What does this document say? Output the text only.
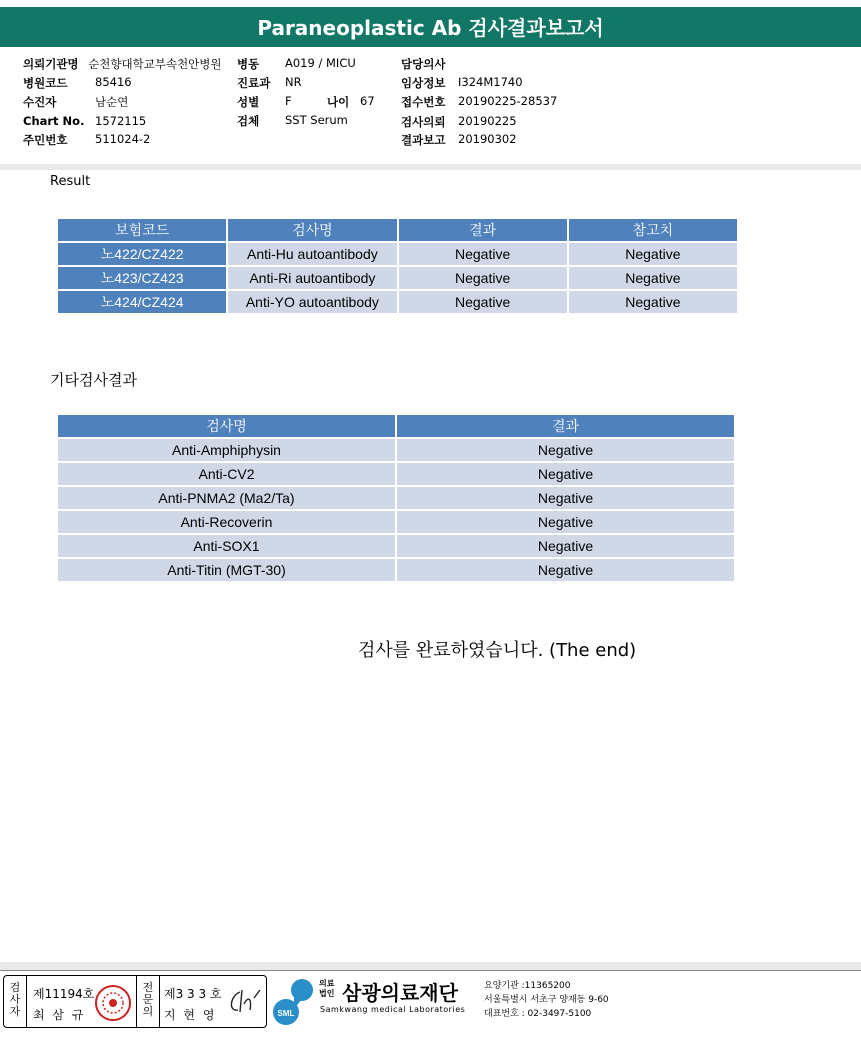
Paraneoplastic Ab 검사결과보고서
의뢰기관명 순천향대학교부속천안병원 병동 A019 / MICU	담당의사
병원코드 85416	진료과 NR	임상정보 I324M1740
수진자	남순연	성별 F	나이 67 접수번호 20190225-28537
Chart No. 1572115	검체 SST Serum	검사의뢰 20190225
주민번호 511024-2	결과보고 20190302
Result
보험코드	검사명	결과	참고치
노422/CZ422	Anti-Hu autoantibody	Negative	Negative
노423/CZ423	Anti-Ri autoantibody	Negative	Negative
노424/CZ424	Anti-YO autoantibody	Negative	Negative
기타검사결과
검사명	결과
Anti-Amphiphysin	Negative
Anti-CV2	Negative
Anti-PNMA2 (Ma2/Ta)	Negative
Anti-Recoverin	Negative
Anti-SOX1	Negative
Anti-Titin (MGT-30)	Negative
검사를 완료하였습니다. (The end)
검사자
제11194호
최 삼 규
전문의
제3 3 3 호
지 현 영	SML
의료
법인 삼광의료재단
Samkwang medical Laboratories
요양기관 :11365200
서울특별시 서초구 양재동 9-60
대표번호 : 02-3497-5100
